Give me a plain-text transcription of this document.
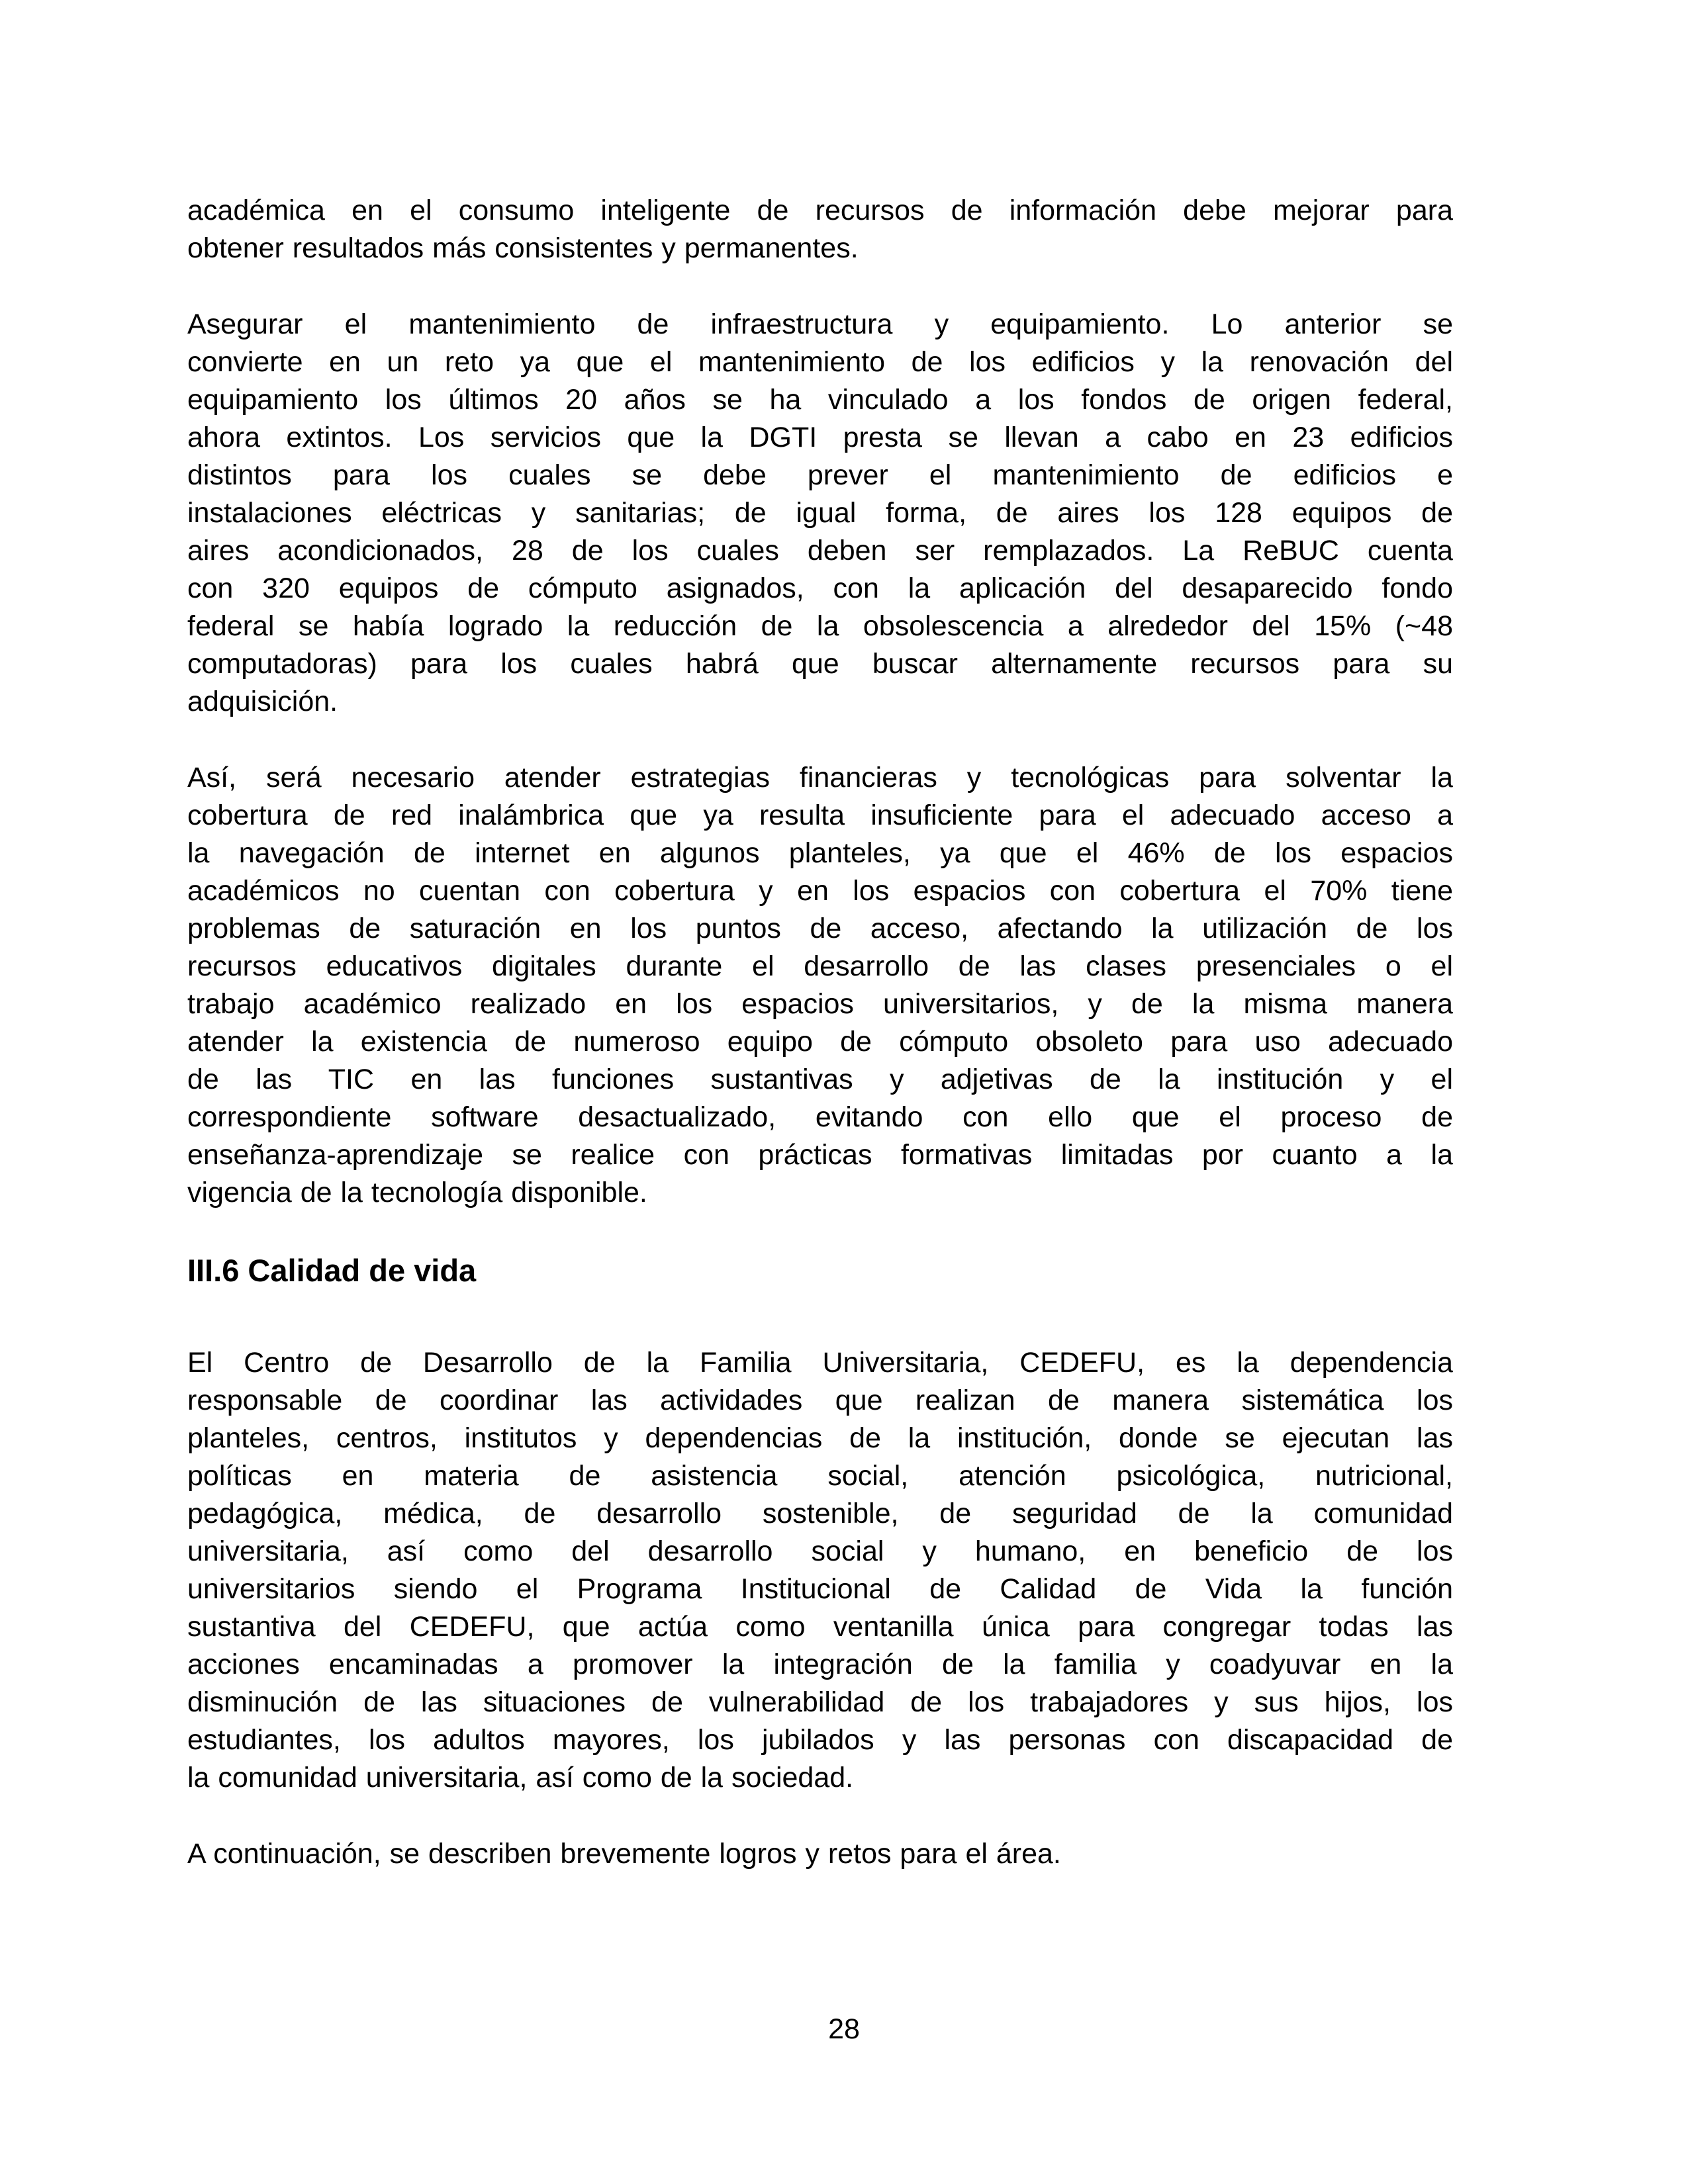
académica en el consumo inteligente de recursos de información debe mejorar para
obtener resultados más consistentes y permanentes.
Asegurar el mantenimiento de infraestructura y equipamiento. Lo anterior se
convierte en un reto ya que el mantenimiento de los edificios y la renovación del
equipamiento los últimos 20 años se ha vinculado a los fondos de origen federal,
ahora extintos. Los servicios que la DGTI presta se llevan a cabo en 23 edificios
distintos para los cuales se debe prever el mantenimiento de edificios e
instalaciones eléctricas y sanitarias; de igual forma, de aires los 128 equipos de
aires acondicionados, 28 de los cuales deben ser remplazados. La ReBUC cuenta
con 320 equipos de cómputo asignados, con la aplicación del desaparecido fondo
federal se había logrado la reducción de la obsolescencia a alrededor del 15% (~48
computadoras) para los cuales habrá que buscar alternamente recursos para su
adquisición.
Así, será necesario atender estrategias financieras y tecnológicas para solventar la
cobertura de red inalámbrica que ya resulta insuficiente para el adecuado acceso a
la navegación de internet en algunos planteles, ya que el 46% de los espacios
académicos no cuentan con cobertura y en los espacios con cobertura el 70% tiene
problemas de saturación en los puntos de acceso, afectando la utilización de los
recursos educativos digitales durante el desarrollo de las clases presenciales o el
trabajo académico realizado en los espacios universitarios, y de la misma manera
atender la existencia de numeroso equipo de cómputo obsoleto para uso adecuado
de las TIC en las funciones sustantivas y adjetivas de la institución y el
correspondiente software desactualizado, evitando con ello que el proceso de
enseñanza-aprendizaje se realice con prácticas formativas limitadas por cuanto a la
vigencia de la tecnología disponible.
III.6 Calidad de vida
El Centro de Desarrollo de la Familia Universitaria, CEDEFU, es la dependencia
responsable de coordinar las actividades que realizan de manera sistemática los
planteles, centros, institutos y dependencias de la institución, donde se ejecutan las
políticas en materia de asistencia social, atención psicológica, nutricional,
pedagógica, médica, de desarrollo sostenible, de seguridad de la comunidad
universitaria, así como del desarrollo social y humano, en beneficio de los
universitarios siendo el Programa Institucional de Calidad de Vida la función
sustantiva del CEDEFU, que actúa como ventanilla única para congregar todas las
acciones encaminadas a promover la integración de la familia y coadyuvar en la
disminución de las situaciones de vulnerabilidad de los trabajadores y sus hijos, los
estudiantes, los adultos mayores, los jubilados y las personas con discapacidad de
la comunidad universitaria, así como de la sociedad.
A continuación, se describen brevemente logros y retos para el área.
28
